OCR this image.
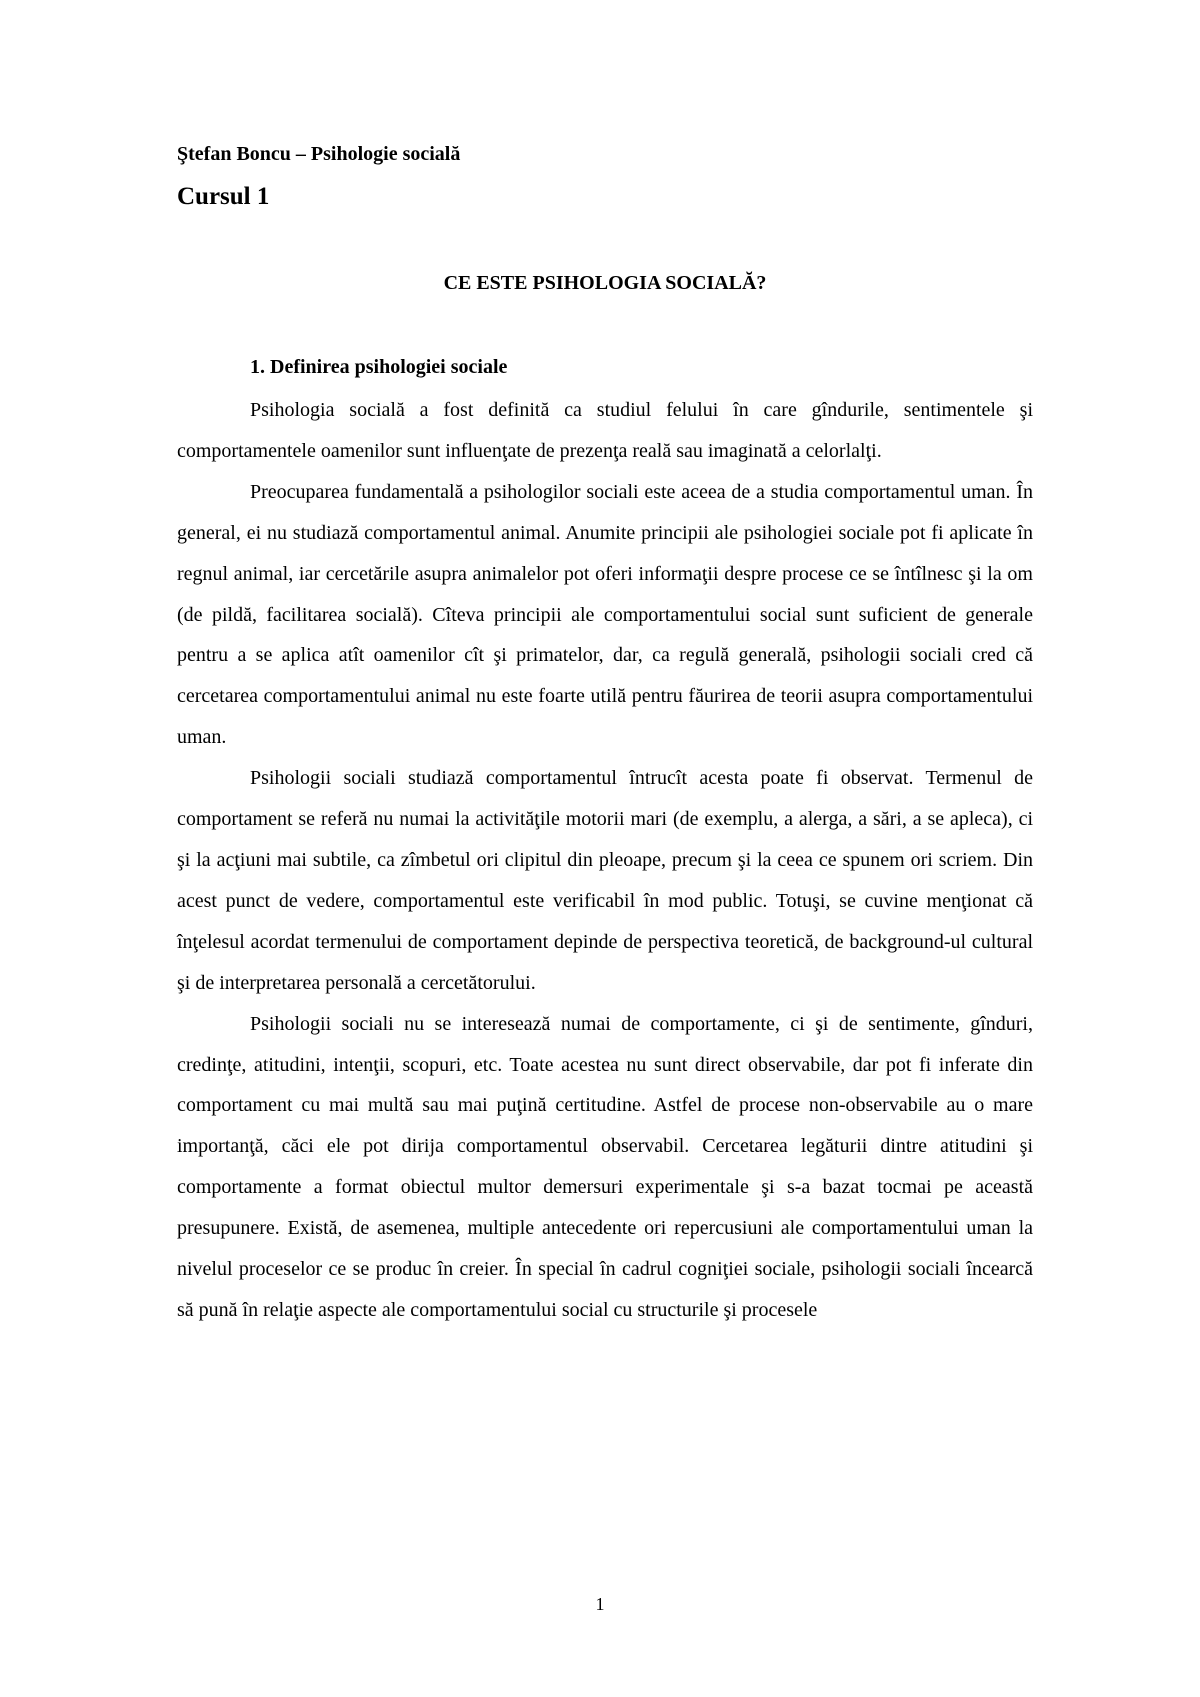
Ştefan Boncu – Psihologie socială
Cursul 1
CE ESTE PSIHOLOGIA SOCIALĂ?
1. Definirea psihologiei sociale

Psihologia socială a fost definită ca studiul felului în care gîndurile, sentimentele şi comportamentele oamenilor sunt influenţate de prezenţa reală sau imaginată a celorlalţi.

Preocuparea fundamentală a psihologilor sociali este aceea de a studia comportamentul uman. În general, ei nu studiază comportamentul animal. Anumite principii ale psihologiei sociale pot fi aplicate în regnul animal, iar cercetările asupra animalelor pot oferi informaţii despre procese ce se întîlnesc şi la om (de pildă, facilitarea socială). Cîteva principii ale comportamentului social sunt suficient de generale pentru a se aplica atît oamenilor cît şi primatelor, dar, ca regulă generală, psihologii sociali cred că cercetarea comportamentului animal nu este foarte utilă pentru făurirea de teorii asupra comportamentului uman.

Psihologii sociali studiază comportamentul întrucît acesta poate fi observat. Termenul de comportament se referă nu numai la activităţile motorii mari (de exemplu, a alerga, a sări, a se apleca), ci şi la acţiuni mai subtile, ca zîmbetul ori clipitul din pleoape, precum şi la ceea ce spunem ori scriem. Din acest punct de vedere, comportamentul este verificabil în mod public. Totuşi, se cuvine menţionat că înţelesul acordat termenului de comportament depinde de perspectiva teoretică, de background-ul cultural şi de interpretarea personală a cercetătorului.

Psihologii sociali nu se interesează numai de comportamente, ci şi de sentimente, gînduri, credinţe, atitudini, intenţii, scopuri, etc. Toate acestea nu sunt direct observabile, dar pot fi inferate din comportament cu mai multă sau mai puţină certitudine. Astfel de procese non-observabile au o mare importanţă, căci ele pot dirija comportamentul observabil. Cercetarea legăturii dintre atitudini şi comportamente a format obiectul multor demersuri experimentale şi s-a bazat tocmai pe această presupunere. Există, de asemenea, multiple antecedente ori repercusiuni ale comportamentului uman la nivelul proceselor ce se produc în creier. În special în cadrul cogniţiei sociale, psihologii sociali încearcă să pună în relaţie aspecte ale comportamentului social cu structurile şi procesele

1
